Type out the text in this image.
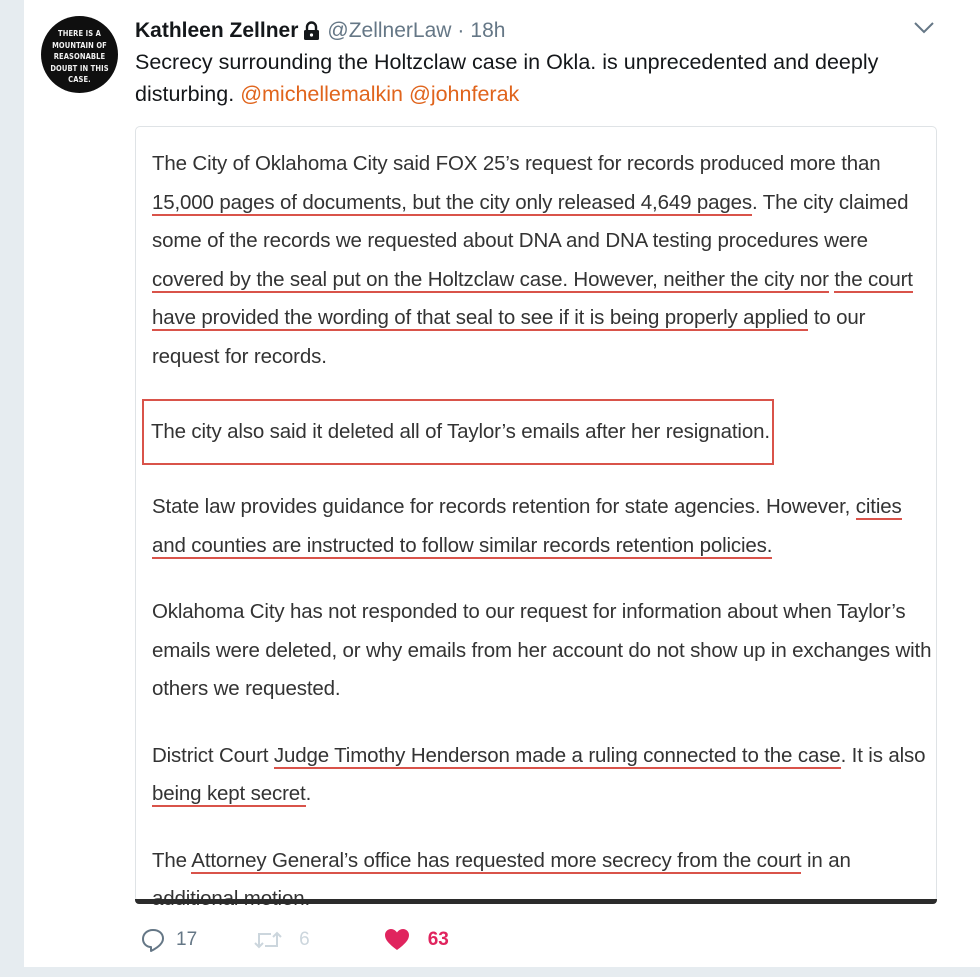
THERE IS A
MOUNTAIN OF
REASONABLE
DOUBT IN THIS
CASE.
Kathleen Zellner @ZellnerLaw · 18h
Secrecy surrounding the Holtzclaw case in Okla. is unprecedented and deeply disturbing. @michellemalkin @johnferak

The City of Oklahoma City said FOX 25’s request for records produced more than 15,000 pages of documents, but the city only released 4,649 pages. The city claimed some of the records we requested about DNA and DNA testing procedures were covered by the seal put on the Holtzclaw case. However, neither the city nor the court have provided the wording of that seal to see if it is being properly applied to our request for records.

The city also said it deleted all of Taylor’s emails after her resignation.

State law provides guidance for records retention for state agencies. However, cities and counties are instructed to follow similar records retention policies.

Oklahoma City has not responded to our request for information about when Taylor’s emails were deleted, or why emails from her account do not show up in exchanges with others we requested.

District Court Judge Timothy Henderson made a ruling connected to the case. It is also being kept secret.

The Attorney General’s office has requested more secrecy from the court in an

17	6	63
